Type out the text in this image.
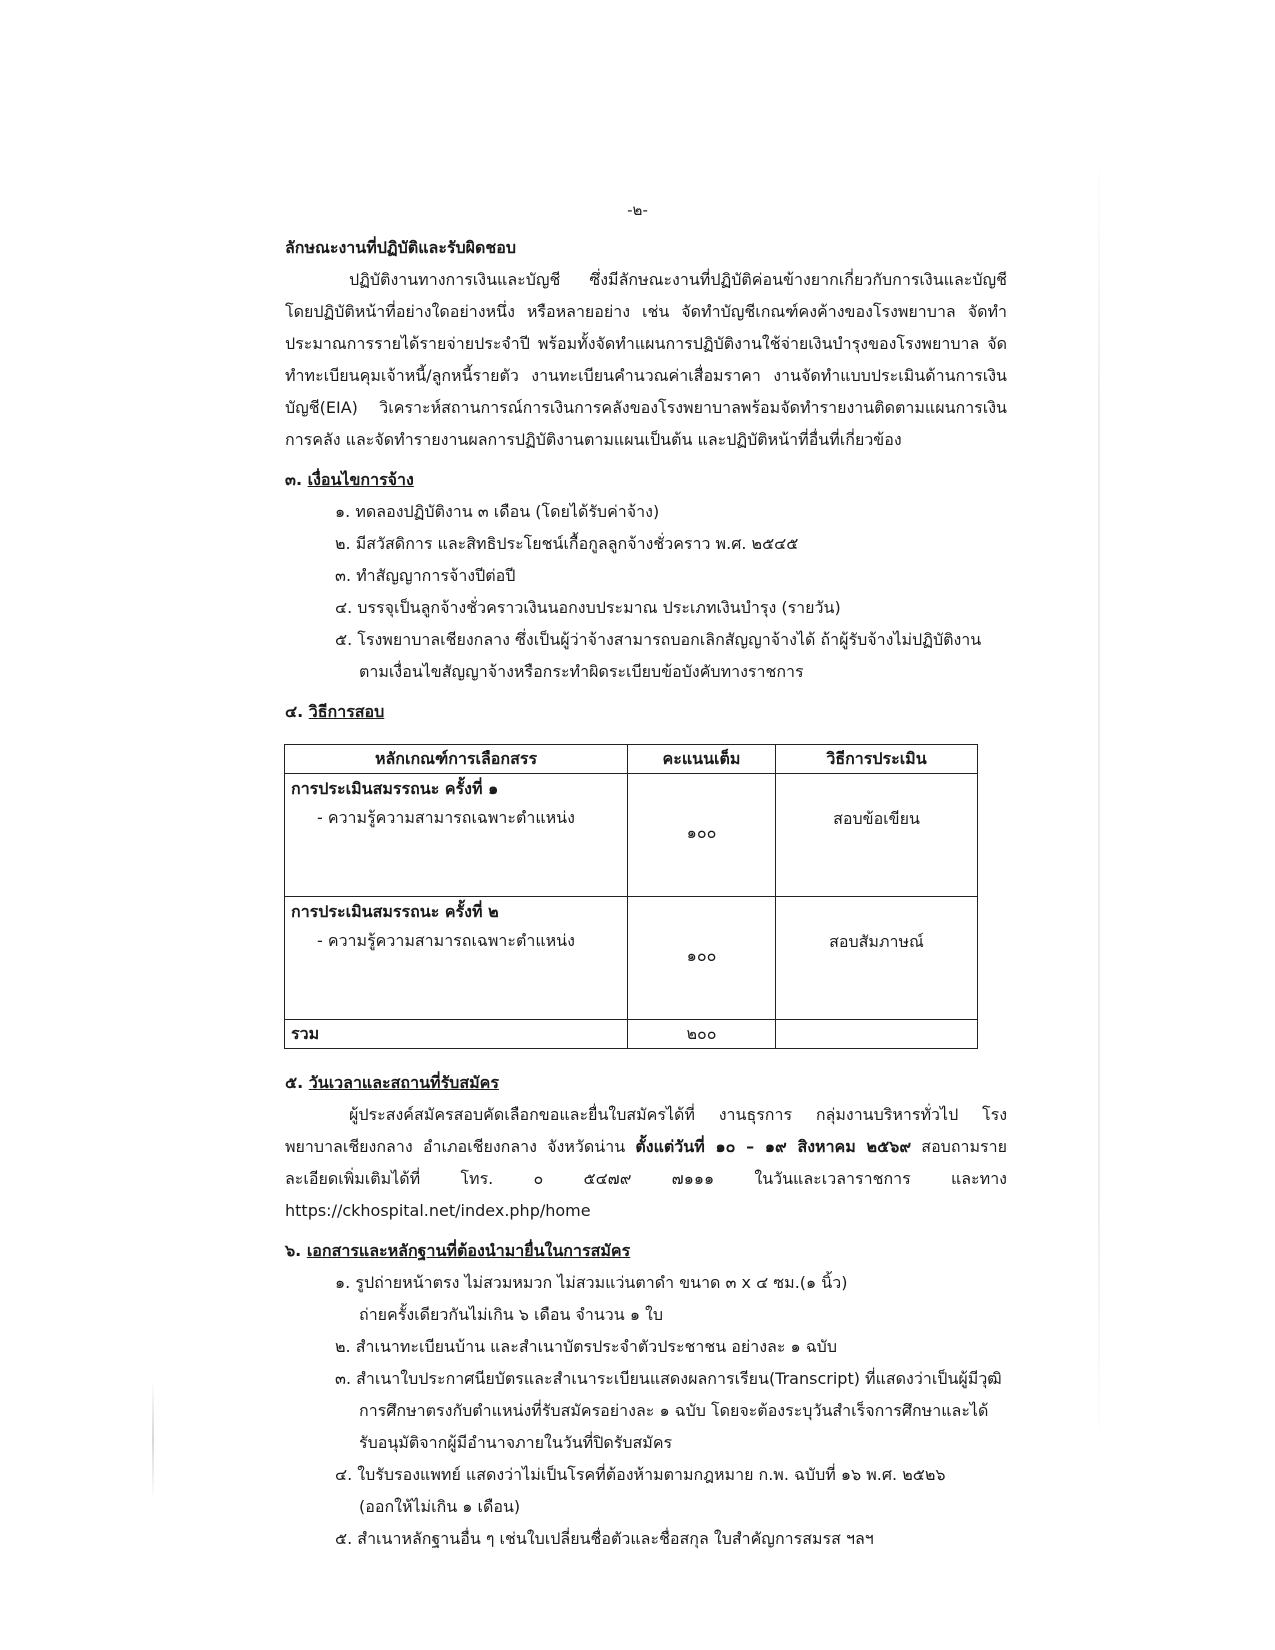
-๒-

ลักษณะงานที่ปฏิบัติและรับผิดชอบ

ปฏิบัติงานทางการเงินและบัญชี ซึ่งมีลักษณะงานที่ปฏิบัติค่อนข้างยากเกี่ยวกับการเงินและบัญชี โดยปฏิบัติหน้าที่อย่างใดอย่างหนึ่ง หรือหลายอย่าง เช่น จัดทำบัญชีเกณฑ์คงค้างของโรงพยาบาล จัดทำประมาณการรายได้รายจ่ายประจำปี พร้อมทั้งจัดทำแผนการปฏิบัติงานใช้จ่ายเงินบำรุงของโรงพยาบาล จัดทำทะเบียนคุมเจ้าหนี้/ลูกหนี้รายตัว งานทะเบียนคำนวณค่าเสื่อมราคา งานจัดทำแบบประเมินด้านการเงินบัญชี(EIA) วิเคราะห์สถานการณ์การเงินการคลังของโรงพยาบาลพร้อมจัดทำรายงานติดตามแผนการเงินการคลัง และจัดทำรายงานผลการปฏิบัติงานตามแผนเป็นต้น และปฏิบัติหน้าที่อื่นที่เกี่ยวข้อง

๓. เงื่อนไขการจ้าง

๑. ทดลองปฏิบัติงาน ๓ เดือน (โดยได้รับค่าจ้าง)
๒. มีสวัสดิการ และสิทธิประโยชน์เกื้อกูลลูกจ้างชั่วคราว พ.ศ. ๒๕๔๕
๓. ทำสัญญาการจ้างปีต่อปี
๔. บรรจุเป็นลูกจ้างชั่วคราวเงินนอกงบประมาณ ประเภทเงินบำรุง (รายวัน)
๕. โรงพยาบาลเชียงกลาง ซึ่งเป็นผู้ว่าจ้างสามารถบอกเลิกสัญญาจ้างได้ ถ้าผู้รับจ้างไม่ปฏิบัติงาน
ตามเงื่อนไขสัญญาจ้างหรือกระทำผิดระเบียบข้อบังคับทางราชการ

๔. วิธีการสอบ

หลักเกณฑ์การเลือกสรร	คะแนนเต็ม	วิธีการประเมิน

การประเมินสมรรถนะ ครั้งที่ ๑
- ความรู้ความสามารถเฉพาะตำแหน่ง	๑๐๐	สอบข้อเขียน

การประเมินสมรรถนะ ครั้งที่ ๒
- ความรู้ความสามารถเฉพาะตำแหน่ง	๑๐๐	สอบสัมภาษณ์
รวม	๒๐๐	

๕. วันเวลาและสถานที่รับสมัคร

ผู้ประสงค์สมัครสอบคัดเลือกขอและยื่นใบสมัครได้ที่ งานธุรการ กลุ่มงานบริหารทั่วไป โรงพยาบาลเชียงกลาง อำเภอเชียงกลาง จังหวัดน่าน ตั้งแต่วันที่ ๑๐ – ๑๙ สิงหาคม ๒๕๖๙ สอบถามรายละเอียดเพิ่มเติมได้ที่ โทร. ๐ ๕๔๗๙ ๗๑๑๑ ในวันและเวลาราชการ และทาง https://ckhospital.net/index.php/home

๖. เอกสารและหลักฐานที่ต้องนำมายื่นในการสมัคร

๑. รูปถ่ายหน้าตรง ไม่สวมหมวก ไม่สวมแว่นตาดำ ขนาด ๓ x ๔ ซม.(๑ นิ้ว)
ถ่ายครั้งเดียวกันไม่เกิน ๖ เดือน จำนวน ๑ ใบ
๒. สำเนาทะเบียนบ้าน และสำเนาบัตรประจำตัวประชาชน อย่างละ ๑ ฉบับ
๓. สำเนาใบประกาศนียบัตรและสำเนาระเบียนแสดงผลการเรียน(Transcript) ที่แสดงว่าเป็นผู้มีวุฒิการศึกษาตรงกับตำแหน่งที่รับสมัครอย่างละ ๑ ฉบับ โดยจะต้องระบุวันสำเร็จการศึกษาและได้รับอนุมัติจากผู้มีอำนาจภายในวันที่ปิดรับสมัคร
๔. ใบรับรองแพทย์ แสดงว่าไม่เป็นโรคที่ต้องห้ามตามกฎหมาย ก.พ. ฉบับที่ ๑๖ พ.ศ. ๒๕๒๖
(ออกให้ไม่เกิน ๑ เดือน)
๕. สำเนาหลักฐานอื่น ๆ เช่นใบเปลี่ยนชื่อตัวและชื่อสกุล ใบสำคัญการสมรส ฯลฯ
